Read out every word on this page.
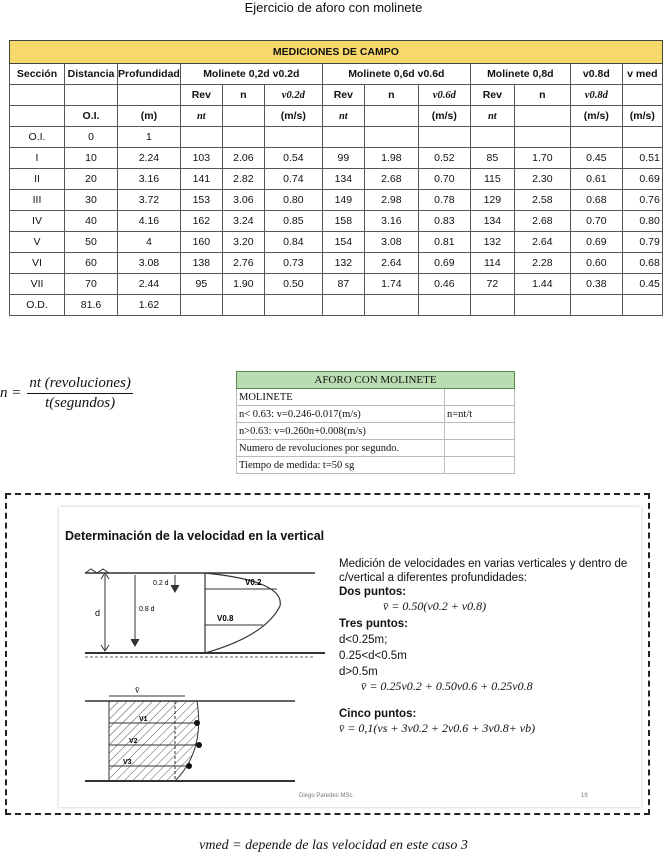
Ejercicio de aforo con molinete
MEDICIONES DE CAMPO												
Sección	Distancia	Profundidad	Molinete 0,2d v0.2d			Molinete 0,6d v0.6d			Molinete 0,8d		v0.8d	v med
			Rev	n	v0.2d	Rev	n	v0.6d	Rev	n	v0.8d	
	O.I.	(m)	nt		(m/s)	nt		(m/s)	nt		(m/s)	(m/s)
O.I.	0	1										
I	10	2.24	103	2.06	0.54	99	1.98	0.52	85	1.70	0.45	0.51
II	20	3.16	141	2.82	0.74	134	2.68	0.70	115	2.30	0.61	0.69
III	30	3.72	153	3.06	0.80	149	2.98	0.78	129	2.58	0.68	0.76
IV	40	4.16	162	3.24	0.85	158	3.16	0.83	134	2.68	0.70	0.80
V	50	4	160	3.20	0.84	154	3.08	0.81	132	2.64	0.69	0.79
VI	60	3.08	138	2.76	0.73	132	2.64	0.69	114	2.28	0.60	0.68
VII	70	2.44	95	1.90	0.50	87	1.74	0.46	72	1.44	0.38	0.45
O.D.	81.6	1.62										

$n = \frac{\text{nt (revoluciones)}}{\text{t(segundos)}}$	AFORO CON MOLINETE	
MOLINETE	
n< 0.63: v=0.246-0.017(m/s)	n=nt/t
n>0.63: v=0.260n+0.008(m/s)	
Numero de revoluciones por segundo.	
Tiempo de medida: t=50 sg	
Determinación de la velocidad en la vertical
d
0.2 d
0.8 d
V0.2
V0.8
v̄
V1
V2
V3
Medición de velocidades en varias verticales y dentro de c/vertical a diferentes profundidades:
Dos puntos:
v̄ = 0.50(v0.2 + v0.8)
Tres puntos:
d<0.25m;
0.25<d<0.5m
d>0.5m
v̄ = 0.25v0.2 + 0.50v0.6 + 0.25v0.8
Cinco puntos:
v̄ = 0,1(vs + 3v0.2 + 2v0.6 + 3v0.8+ vb)
Diego Paredes MSc.	19
vmed = depende de las velocidad en este caso 3
